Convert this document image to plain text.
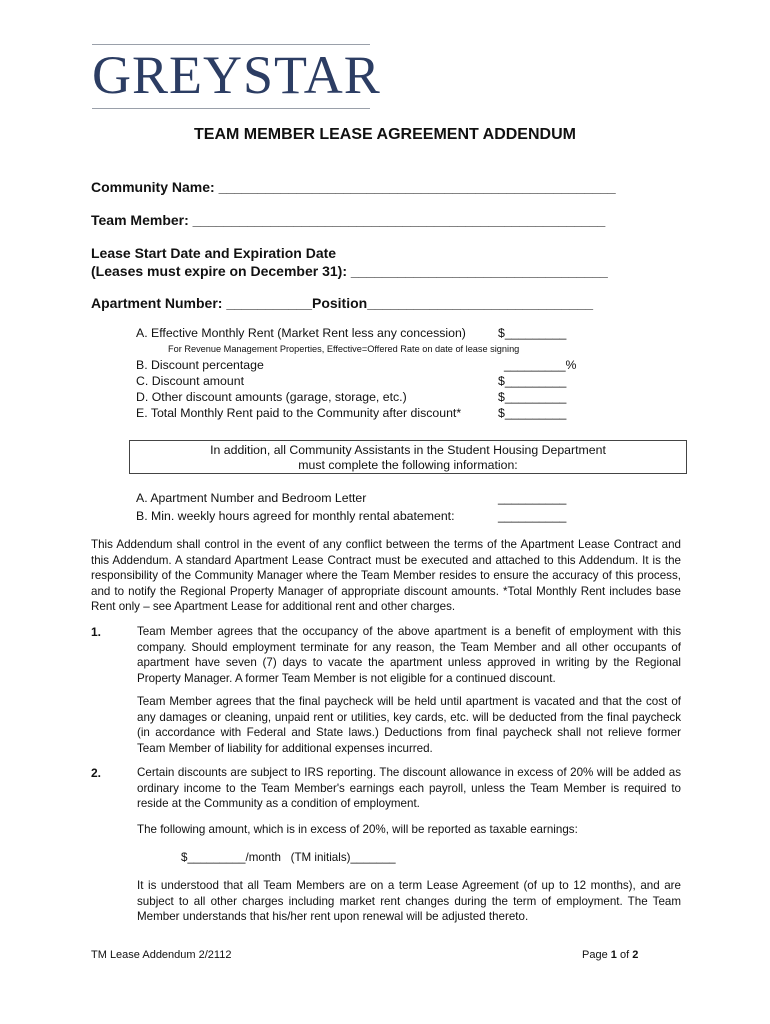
GREYSTAR
TEAM MEMBER LEASE AGREEMENT ADDENDUM
Community Name: ___________________________________________________
Team Member: _____________________________________________________
Lease Start Date and Expiration Date
(Leases must expire on December 31): _________________________________
Apartment Number: ___________Position_____________________________
A. Effective Monthly Rent (Market Rent less any concession)	$_________
For Revenue Management Properties, Effective=Offered Rate on date of lease signing
B. Discount percentage	_________%
C. Discount amount	$_________
D. Other discount amounts (garage, storage, etc.)	$_________
E. Total Monthly Rent paid to the Community after discount*	$_________
In addition, all Community Assistants in the Student Housing Department
must complete the following information:
A. Apartment Number and Bedroom Letter	__________
B. Min. weekly hours agreed for monthly rental abatement:	__________
This Addendum shall control in the event of any conflict between the terms of the Apartment Lease Contract and this Addendum. A standard Apartment Lease Contract must be executed and attached to this Addendum. It is the responsibility of the Community Manager where the Team Member resides to ensure the accuracy of this process, and to notify the Regional Property Manager of appropriate discount amounts. *Total Monthly Rent includes base Rent only – see Apartment Lease for additional rent and other charges.
1.	Team Member agrees that the occupancy of the above apartment is a benefit of employment with this company. Should employment terminate for any reason, the Team Member and all other occupants of apartment have seven (7) days to vacate the apartment unless approved in writing by the Regional Property Manager. A former Team Member is not eligible for a continued discount.
Team Member agrees that the final paycheck will be held until apartment is vacated and that the cost of any damages or cleaning, unpaid rent or utilities, key cards, etc. will be deducted from the final paycheck (in accordance with Federal and State laws.) Deductions from final paycheck shall not relieve former Team Member of liability for additional expenses incurred.
2.	Certain discounts are subject to IRS reporting. The discount allowance in excess of 20% will be added as ordinary income to the Team Member's earnings each payroll, unless the Team Member is required to reside at the Community as a condition of employment.
The following amount, which is in excess of 20%, will be reported as taxable earnings:
$_________/month   (TM initials)_______
It is understood that all Team Members are on a term Lease Agreement (of up to 12 months), and are subject to all other charges including market rent changes during the term of employment. The Team Member understands that his/her rent upon renewal will be adjusted thereto.
TM Lease Addendum 2/2112	Page 1 of 2
